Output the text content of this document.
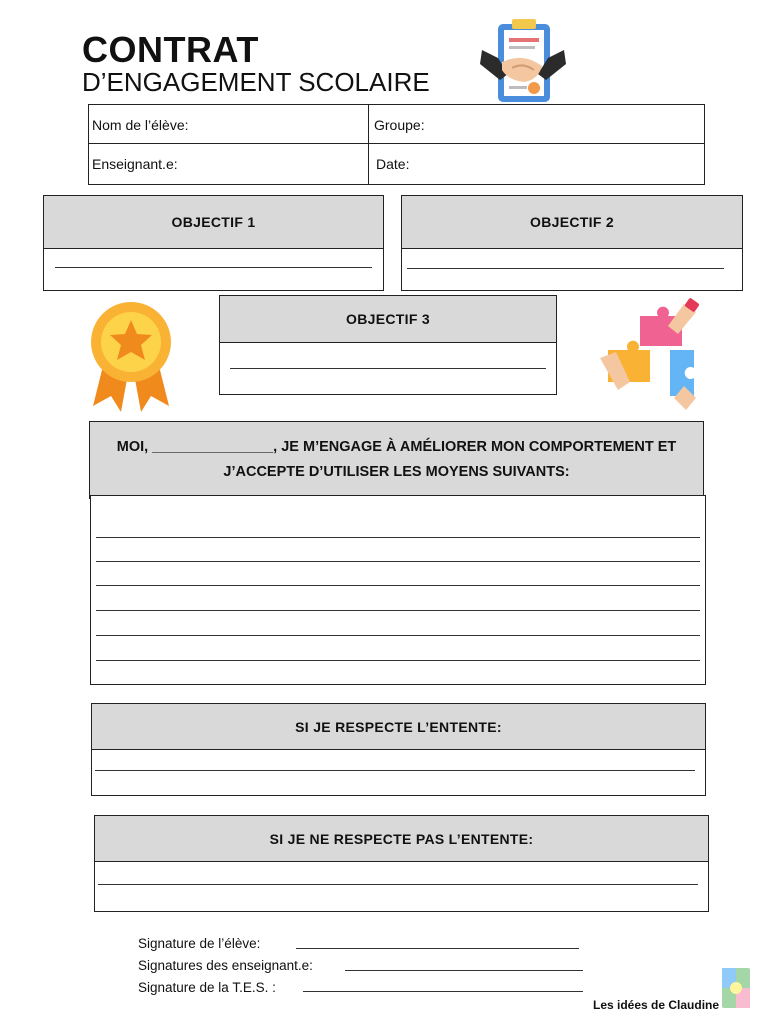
CONTRAT
D’ENGAGEMENT SCOLAIRE
Nom de l’élève:	Groupe:
Enseignant.e:	Date:
OBJECTIF 1	OBJECTIF 2
OBJECTIF 3
MOI, _______________, JE M’ENGAGE À AMÉLIORER MON COMPORTEMENT ET
J’ACCEPTE D’UTILISER LES MOYENS SUIVANTS:
SI JE RESPECTE L’ENTENTE:
SI JE NE RESPECTE PAS L’ENTENTE:
Signature de l’élève:
Signatures des enseignant.e:
Signature de la T.E.S. :
Les idées de Claudine
